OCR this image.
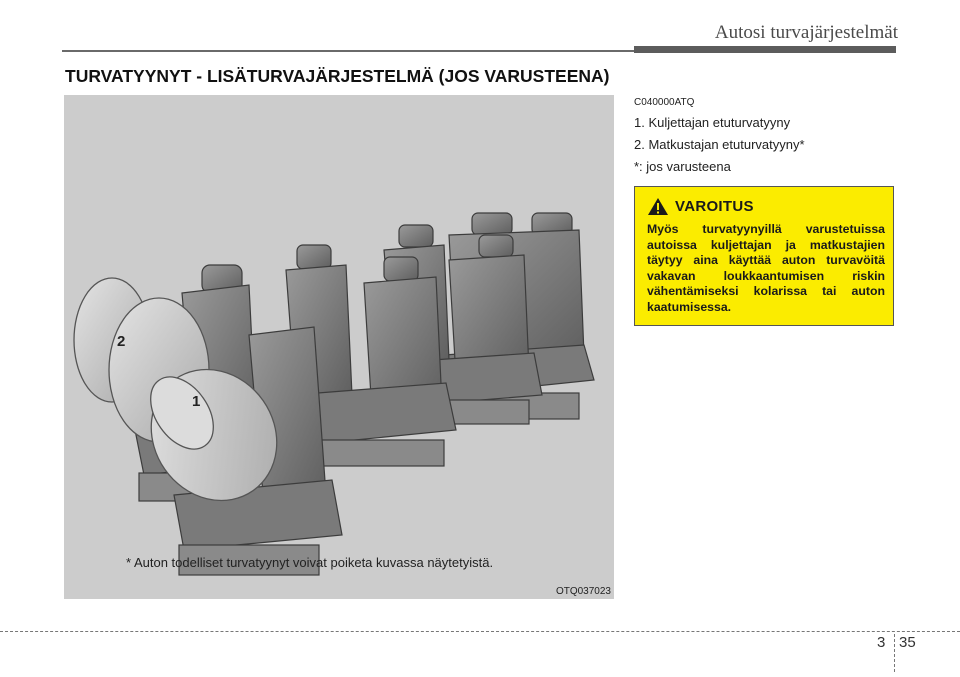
Autosi turvajärjestelmät
TURVATYYNYT - LISÄTURVAJÄRJESTELMÄ (JOS VARUSTEENA)
2
1
* Auton todelliset turvatyynyt voivat poiketa kuvassa näytetyistä.
OTQ037023
C040000ATQ
1. Kuljettajan etuturvatyyny
2. Matkustajan etuturvatyyny*
*: jos varusteena
VAROITUS

Myös turvatyynyillä varustetuissa autoissa kuljettajan ja matkustajien täytyy aina käyttää auton turvavöitä vakavan loukkaantumisen riskin vähentämiseksi kolarissa tai auton kaatumisessa.

3 35
